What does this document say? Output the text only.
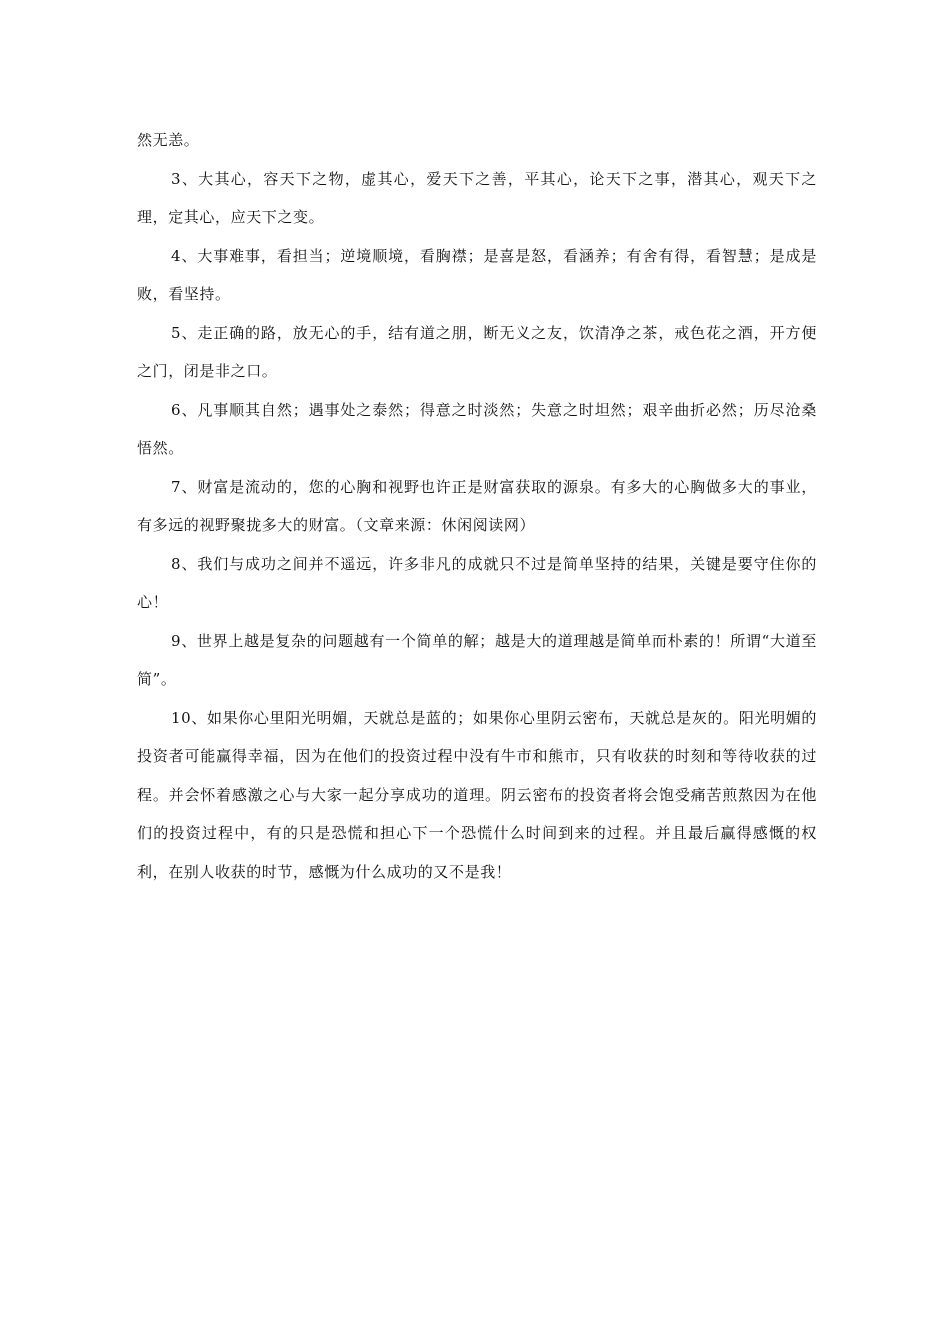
然无恙。

3、大其心，容天下之物，虚其心，爱天下之善，平其心，论天下之事，潜其心，观天下之理，定其心，应天下之变。

4、大事难事，看担当；逆境顺境，看胸襟；是喜是怒，看涵养；有舍有得，看智慧；是成是败，看坚持。

5、走正确的路，放无心的手，结有道之朋，断无义之友，饮清净之茶，戒色花之酒，开方便之门，闭是非之口。

6、凡事顺其自然；遇事处之泰然；得意之时淡然；失意之时坦然；艰辛曲折必然；历尽沧桑悟然。

7、财富是流动的，您的心胸和视野也许正是财富获取的源泉。有多大的心胸做多大的事业，有多远的视野聚拢多大的财富。（文章来源：休闲阅读网）

8、我们与成功之间并不遥远，许多非凡的成就只不过是简单坚持的结果，关键是要守住你的心！

9、世界上越是复杂的问题越有一个简单的解；越是大的道理越是简单而朴素的！所谓“大道至简”。

10、如果你心里阳光明媚，天就总是蓝的；如果你心里阴云密布，天就总是灰的。阳光明媚的投资者可能赢得幸福，因为在他们的投资过程中没有牛市和熊市，只有收获的时刻和等待收获的过程。并会怀着感激之心与大家一起分享成功的道理。阴云密布的投资者将会饱受痛苦煎熬因为在他们的投资过程中，有的只是恐慌和担心下一个恐慌什么时间到来的过程。并且最后赢得感慨的权利，在别人收获的时节，感慨为什么成功的又不是我！
